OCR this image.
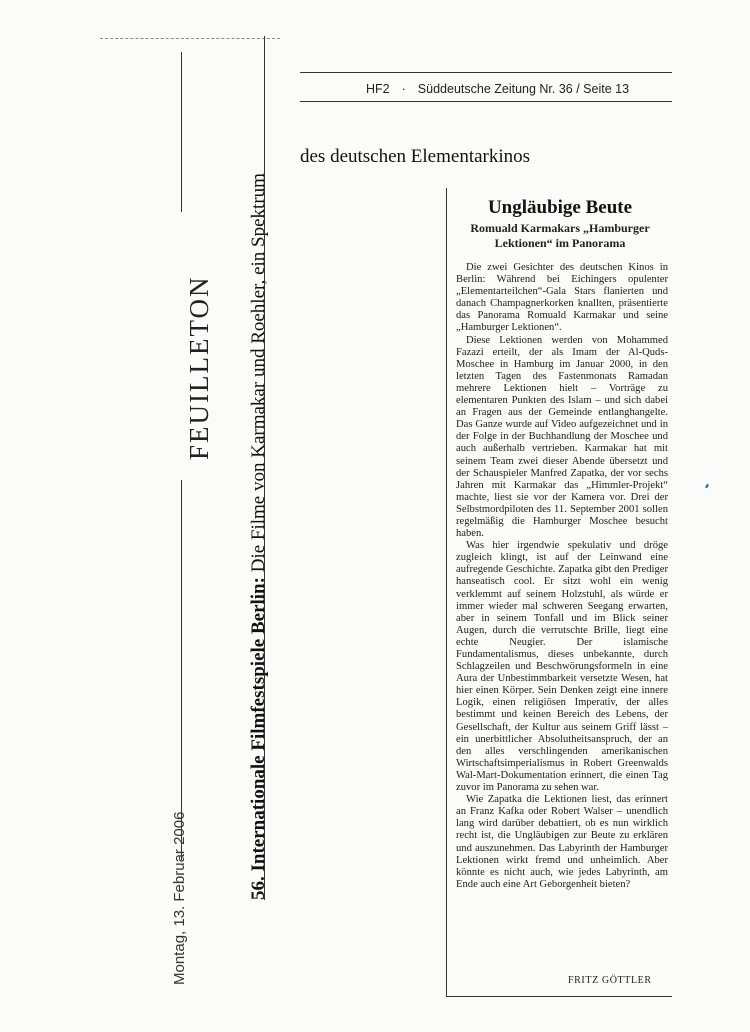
Montag, 13. Februar 2006
FEUILLETON
56. Internationale Filmfestspiele Berlin: Die Filme von Karmakar und Roehler, ein Spektrum
HF2 · Süddeutsche Zeitung Nr. 36 / Seite 13
des deutschen Elementarkinos
Ungläubige Beute

Romuald Karmakars „Hamburger Lektionen“ im Panorama

Die zwei Gesichter des deutschen Kinos in Berlin: Während bei Eichingers opulenter „Elementarteilchen“-Gala Stars flanierten und danach Champagnerkorken knallten, präsentierte das Panorama Romuald Karmakar und seine „Hamburger Lektionen“.

Diese Lektionen werden von Mohammed Fazazi erteilt, der als Imam der Al-Quds-Moschee in Hamburg im Januar 2000, in den letzten Tagen des Fastenmonats Ramadan mehrere Lektionen hielt – Vorträge zu elementaren Punkten des Islam – und sich dabei an Fragen aus der Gemeinde entlanghangelte. Das Ganze wurde auf Video aufgezeichnet und in der Folge in der Buchhandlung der Moschee und auch außerhalb vertrieben. Karmakar hat mit seinem Team zwei dieser Abende übersetzt und der Schauspieler Manfred Zapatka, der vor sechs Jahren mit Karmakar das „Himmler-Projekt“ machte, liest sie vor der Kamera vor. Drei der Selbstmordpiloten des 11. September 2001 sollen regelmäßig die Hamburger Moschee besucht haben.

Was hier irgendwie spekulativ und dröge zugleich klingt, ist auf der Leinwand eine aufregende Geschichte. Zapatka gibt den Prediger hanseatisch cool. Er sitzt wohl ein wenig verklemmt auf seinem Holzstuhl, als würde er immer wieder mal schweren Seegang erwarten, aber in seinem Tonfall und im Blick seiner Augen, durch die verrutschte Brille, liegt eine echte Neugier. Der islamische Fundamentalismus, dieses unbekannte, durch Schlagzeilen und Beschwörungsformeln in eine Aura der Unbestimmbarkeit versetzte Wesen, hat hier einen Körper. Sein Denken zeigt eine innere Logik, einen religiösen Imperativ, der alles bestimmt und keinen Bereich des Lebens, der Gesellschaft, der Kultur aus seinem Griff lässt – ein unerbittlicher Absolutheitsanspruch, der an den alles verschlingenden amerikanischen Wirtschaftsimperialismus in Robert Greenwalds Wal-Mart-Dokumentation erinnert, die einen Tag zuvor im Panorama zu sehen war.

Wie Zapatka die Lektionen liest, das erinnert an Franz Kafka oder Robert Walser – unendlich lang wird darüber debattiert, ob es nun wirklich recht ist, die Ungläubigen zur Beute zu erklären und auszunehmen. Das Labyrinth der Hamburger Lektionen wirkt fremd und unheimlich. Aber könnte es nicht auch, wie jedes Labyrinth, am Ende auch eine Art Geborgenheit bieten?

FRITZ GÖTTLER
